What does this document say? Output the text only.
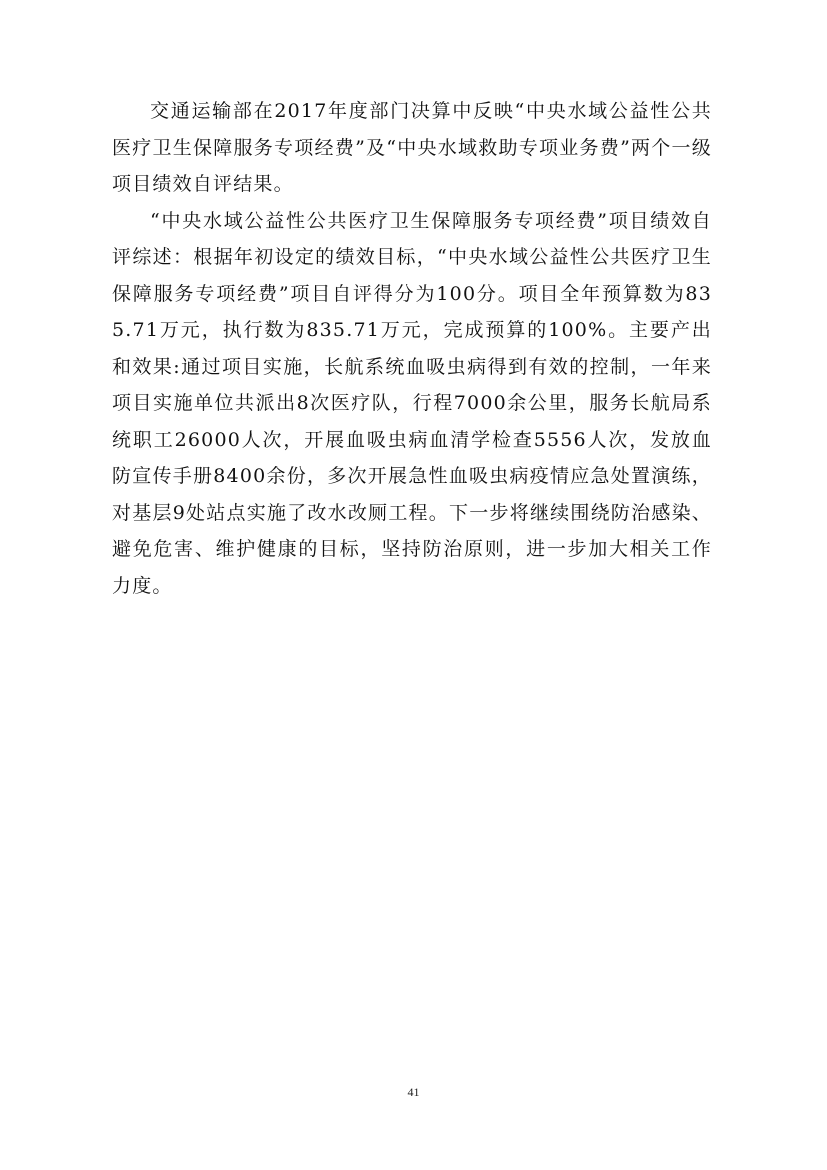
交通运输部在2017年度部门决算中反映“中央水域公益性公共医疗卫生保障服务专项经费”及“中央水域救助专项业务费”两个一级项目绩效自评结果。

“中央水域公益性公共医疗卫生保障服务专项经费”项目绩效自评综述：根据年初设定的绩效目标，“中央水域公益性公共医疗卫生保障服务专项经费”项目自评得分为100分。项目全年预算数为835.71万元，执行数为835.71万元，完成预算的100%。主要产出和效果:通过项目实施，长航系统血吸虫病得到有效的控制，一年来项目实施单位共派出8次医疗队，行程7000余公里，服务长航局系统职工26000人次，开展血吸虫病血清学检查5556人次，发放血防宣传手册8400余份，多次开展急性血吸虫病疫情应急处置演练，对基层9处站点实施了改水改厕工程。下一步将继续围绕防治感染、避免危害、维护健康的目标，坚持防治原则，进一步加大相关工作力度。

41
